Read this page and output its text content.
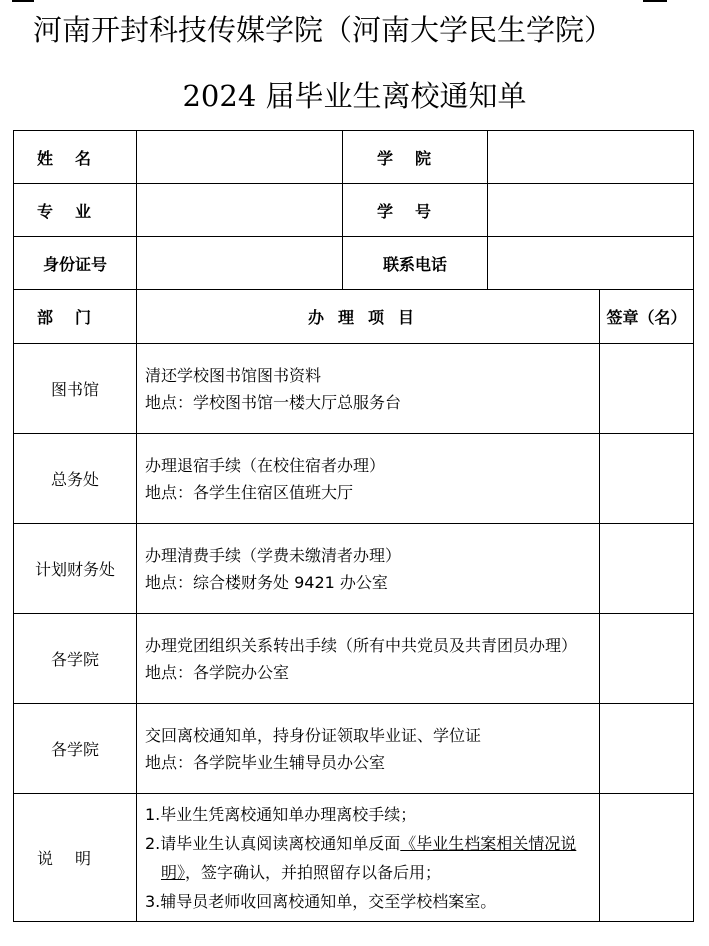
河南开封科技传媒学院（河南大学民生学院）
2024 届毕业生离校通知单
姓名		学院		
专业		学号		
身份证号		联系电话		
部门	办理项目			签章（名）
图书馆	清还学校图书馆图书资料
地点：学校图书馆一楼大厅总服务台			

总务处	办理退宿手续（在校住宿者办理）
地点：各学生住宿区值班大厅			

计划财务处	办理清费手续（学费未缴清者办理）
地点：综合楼财务处 9421 办公室			

各学院	办理党团组织关系转出手续（所有中共党员及共青团员办理）
地点：各学院办公室			

各学院	交回离校通知单，持身份证领取毕业证、学位证
地点：各学院毕业生辅导员办公室			

说明	1.毕业生凭离校通知单办理离校手续；
2.请毕业生认真阅读离校通知单反面《毕业生档案相关情况说
明》，签字确认，并拍照留存以备后用；
3.辅导员老师收回离校通知单，交至学校档案室。			
